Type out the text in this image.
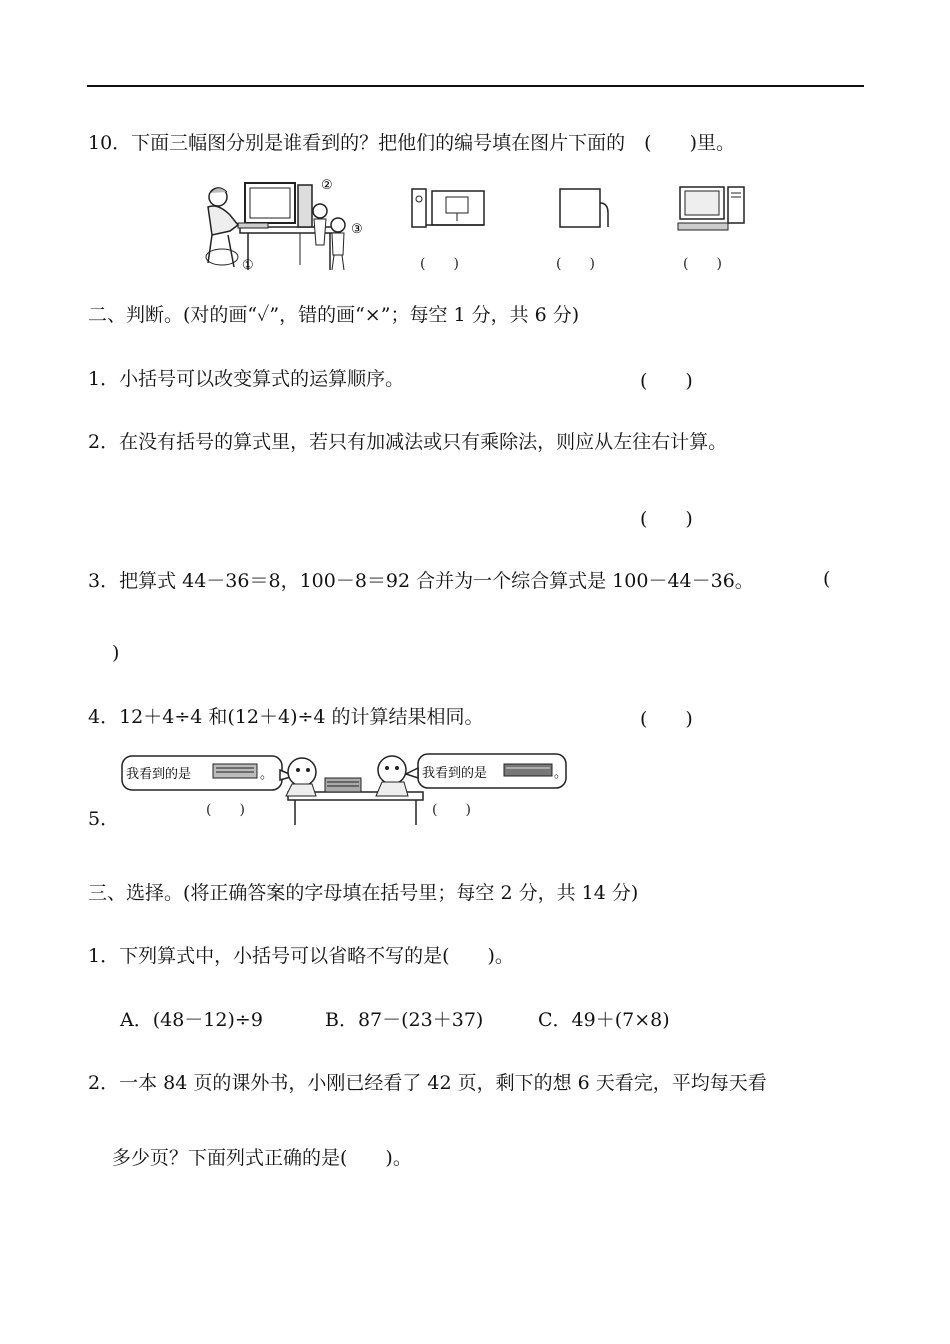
10．下面三幅图分别是谁看到的？把他们的编号填在图片下面的　(　　)里。
①
②
③
(　　)	(　　)	(　　)
二、判断。(对的画“✓”，错的画“×”；每空 1 分，共 6 分)
1．小括号可以改变算式的运算顺序。	(　　)
2．在没有括号的算式里，若只有加减法或只有乘除法，则应从左往右计算。
(　　)
3．把算式 44－36＝8，100－8＝92 合并为一个综合算式是 100－44－36。	(
)
4．12＋4÷4 和(12＋4)÷4 的计算结果相同。	(　　)
5．
我看到的是	。	我看到的是	。
(　　)	(　　)
三、选择。(将正确答案的字母填在括号里；每空 2 分，共 14 分)
1．下列算式中，小括号可以省略不写的是(　　)。
A．(48－12)÷9	B．87－(23＋37)	C．49＋(7×8)
2．一本 84 页的课外书，小刚已经看了 42 页，剩下的想 6 天看完，平均每天看
多少页？下面列式正确的是(　　)。
